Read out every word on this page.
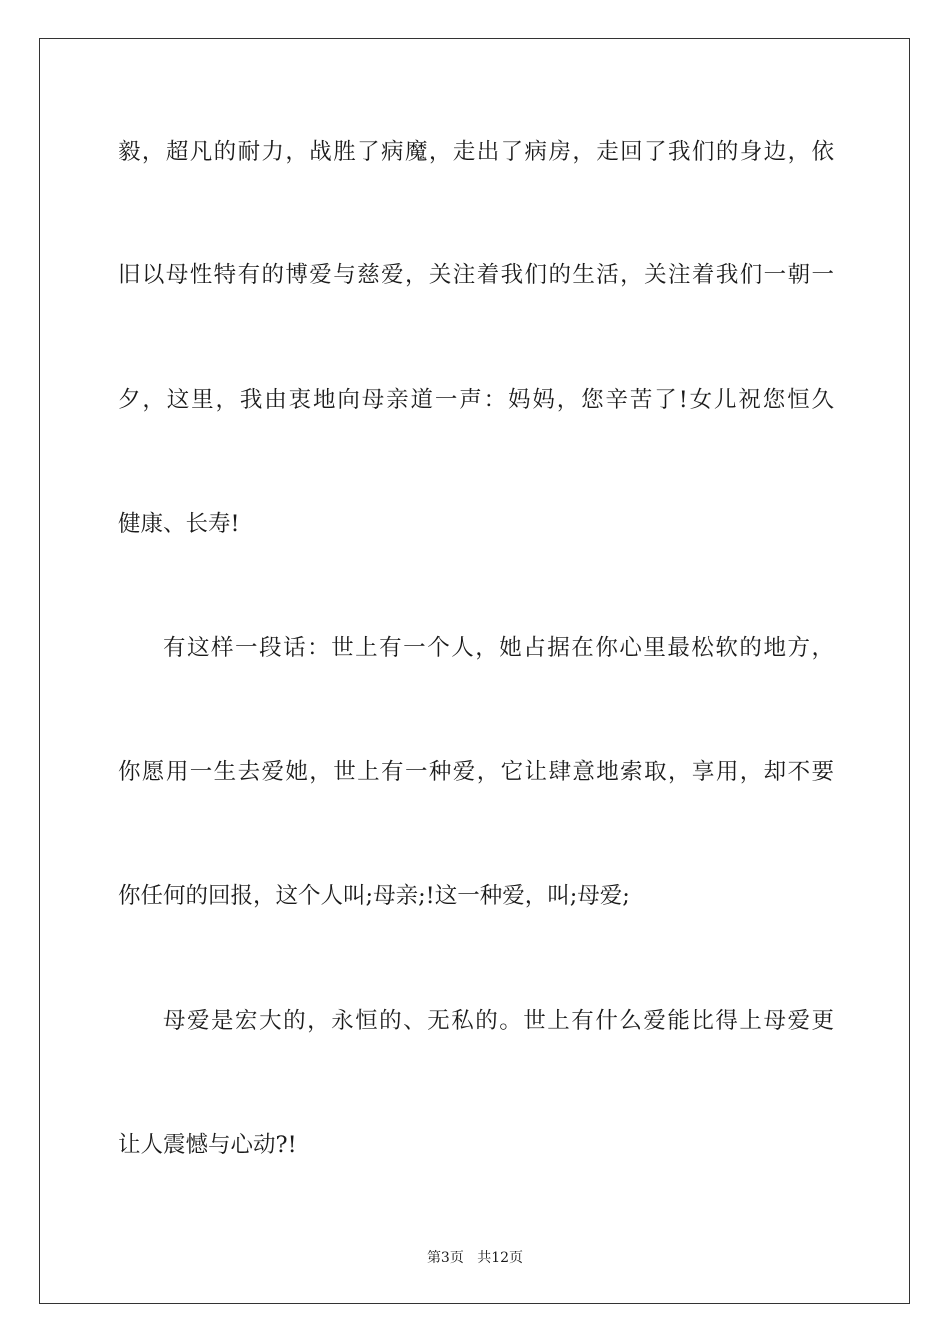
毅，超凡的耐力，战胜了病魔，走出了病房，走回了我们的身边，依
旧以母性特有的博爱与慈爱，关注着我们的生活，关注着我们一朝一
夕，这里，我由衷地向母亲道一声：妈妈，您辛苦了!女儿祝您恒久
健康、长寿!
有这样一段话：世上有一个人，她占据在你心里最松软的地方，
你愿用一生去爱她，世上有一种爱，它让肆意地索取，享用，却不要
你任何的回报，这个人叫;母亲;!这一种爱，叫;母爱;
母爱是宏大的，永恒的、无私的。世上有什么爱能比得上母爱更
让人震憾与心动?!
第3页 共12页
